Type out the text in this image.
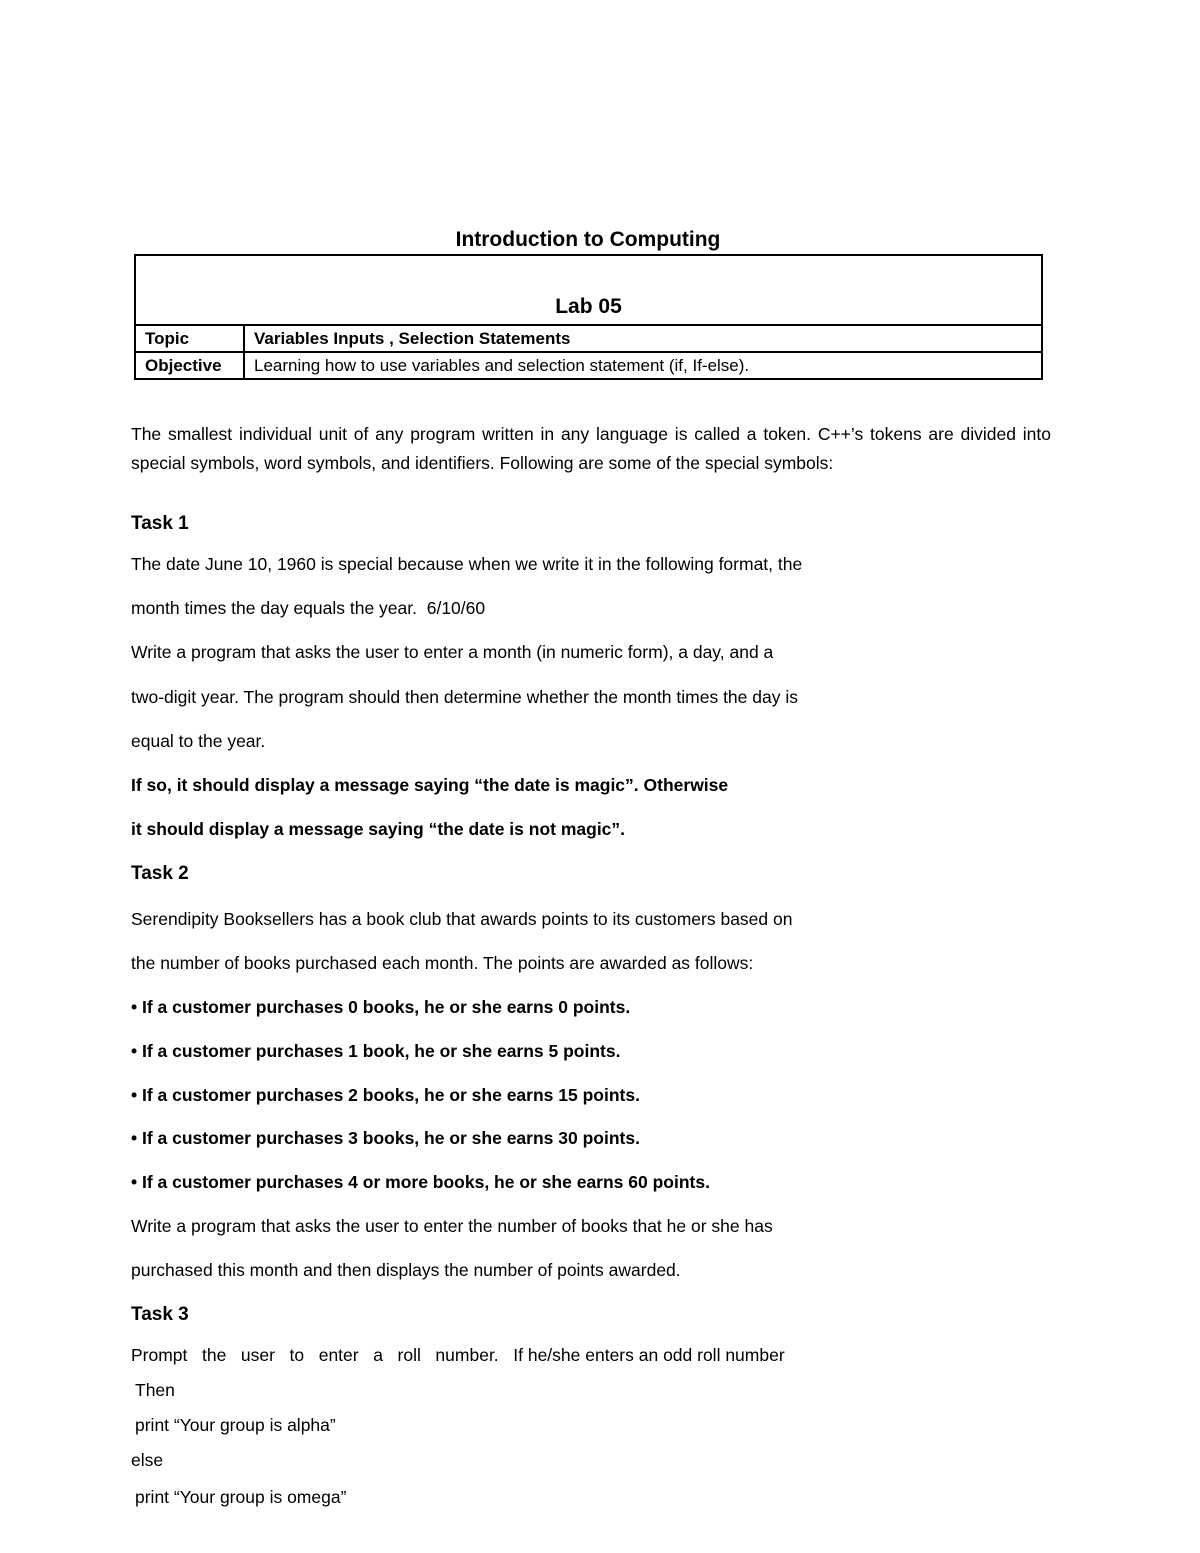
Introduction to Computing
Lab 05	
Topic	Variables Inputs , Selection Statements
Objective	Learning how to use variables and selection statement (if, If-else).

The smallest individual unit of any program written in any language is called a token. C++’s tokens are divided into special symbols, word symbols, and identifiers. Following are some of the special symbols:

Task 1
The date June 10, 1960 is special because when we write it in the following format, the
month times the day equals the year.  6/10/60
Write a program that asks the user to enter a month (in numeric form), a day, and a
two-digit year. The program should then determine whether the month times the day is
equal to the year.
If so, it should display a message saying “the date is magic”. Otherwise
it should display a message saying “the date is not magic”.
Task 2
Serendipity Booksellers has a book club that awards points to its customers based on
the number of books purchased each month. The points are awarded as follows:
• If a customer purchases 0 books, he or she earns 0 points.
• If a customer purchases 1 book, he or she earns 5 points.
• If a customer purchases 2 books, he or she earns 15 points.
• If a customer purchases 3 books, he or she earns 30 points.
• If a customer purchases 4 or more books, he or she earns 60 points.
Write a program that asks the user to enter the number of books that he or she has
purchased this month and then displays the number of points awarded.
Task 3
Prompt   the   user   to   enter   a   roll   number.   If he/she enters an odd roll number
Then
print “Your group is alpha”
else
print “Your group is omega”
